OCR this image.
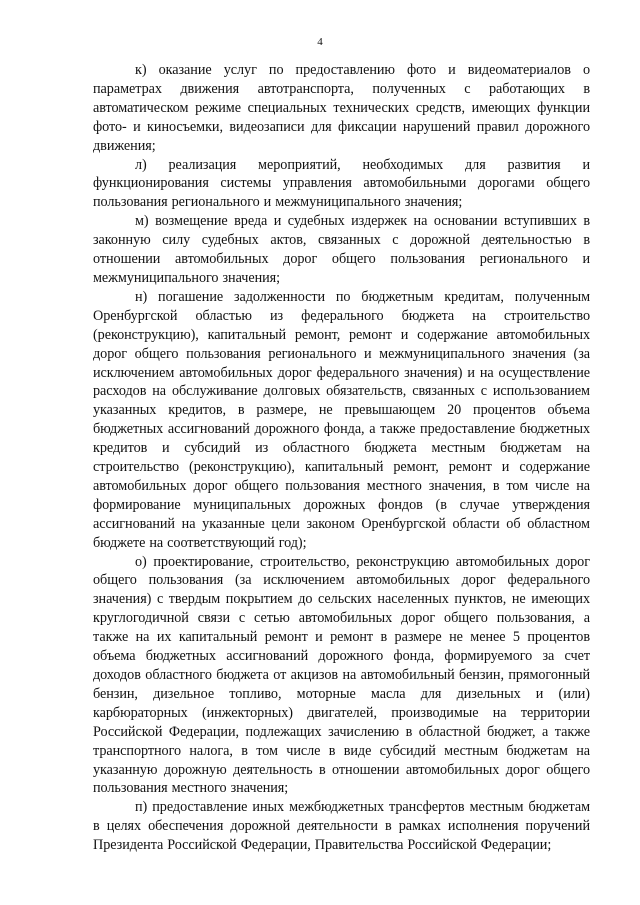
4

к) оказание услуг по предоставлению фото и видеоматериалов о параметрах движения автотранспорта, полученных с работающих в автоматическом режиме специальных технических средств, имеющих функции фото- и киносъемки, видеозаписи для фиксации нарушений правил дорожного движения;

л) реализация мероприятий, необходимых для развития и функционирования системы управления автомобильными дорогами общего пользования регионального и межмуниципального значения;

м) возмещение вреда и судебных издержек на основании вступивших в законную силу судебных актов, связанных с дорожной деятельностью в отношении автомобильных дорог общего пользования регионального и межмуниципального значения;

н) погашение задолженности по бюджетным кредитам, полученным Оренбургской областью из федерального бюджета на строительство (реконструкцию), капитальный ремонт, ремонт и содержание автомобильных дорог общего пользования регионального и межмуниципального значения (за исключением автомобильных дорог федерального значения) и на осуществление расходов на обслуживание долговых обязательств, связанных с использованием указанных кредитов, в размере, не превышающем 20 процентов объема бюджетных ассигнований дорожного фонда, а также предоставление бюджетных кредитов и субсидий из областного бюджета местным бюджетам на строительство (реконструкцию), капитальный ремонт, ремонт и содержание автомобильных дорог общего пользования местного значения, в том числе на формирование муниципальных дорожных фондов (в случае утверждения ассигнований на указанные цели законом Оренбургской области об областном бюджете на соответствующий год);

о) проектирование, строительство, реконструкцию автомобильных дорог общего пользования (за исключением автомобильных дорог федерального значения) с твердым покрытием до сельских населенных пунктов, не имеющих круглогодичной связи с сетью автомобильных дорог общего пользования, а также на их капитальный ремонт и ремонт в размере не менее 5 процентов объема бюджетных ассигнований дорожного фонда, формируемого за счет доходов областного бюджета от акцизов на автомобильный бензин, прямогонный бензин, дизельное топливо, моторные масла для дизельных и (или) карбюраторных (инжекторных) двигателей, производимые на территории Российской Федерации, подлежащих зачислению в областной бюджет, а также транспортного налога, в том числе в виде субсидий местным бюджетам на указанную дорожную деятельность в отношении автомобильных дорог общего пользования местного значения;

п) предоставление иных межбюджетных трансфертов местным бюджетам в целях обеспечения дорожной деятельности в рамках исполнения поручений Президента Российской Федерации, Правительства Российской Федерации;
